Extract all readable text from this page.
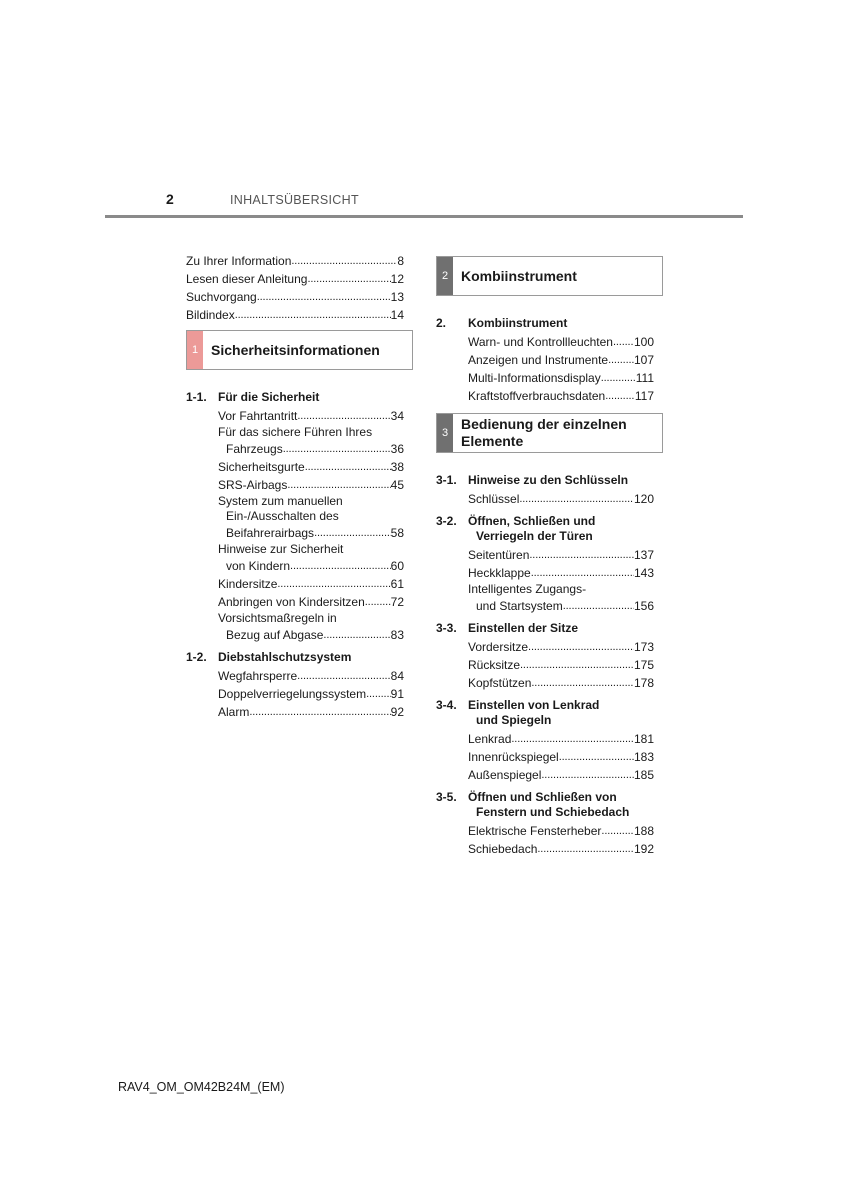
2	INHALTSÜBERSICHT
Zu Ihrer Information . . .	8
Lesen dieser Anleitung . . .	12
Suchvorgang . . .	13
Bildindex . . .	14
1 Sicherheitsinformationen
1-1. Für die Sicherheit
Vor Fahrtantritt . . .	34
Für das sichere Führen Ihres
Fahrzeugs . . .	36
Sicherheitsgurte . . .	38
SRS-Airbags . . .	45
System zum manuellen
Ein-/Ausschalten des
Beifahrerairbags . . .	58
Hinweise zur Sicherheit
von Kindern . . .	60
Kindersitze . . .	61
Anbringen von Kindersitzen . . . 72
Vorsichtsmaßregeln in
Bezug auf Abgase . . .	83
1-2. Diebstahlschutzsystem
Wegfahrsperre . . .	84
Doppelverriegelungssystem . . . 91
Alarm . . .	92
2 Kombiinstrument
2.	Kombiinstrument
Warn- und Kontrollleuchten . . . 100
Anzeigen und Instrumente . . . 107
Multi-Informationsdisplay . . .	111
Kraftstoffverbrauchsdaten . . . 117
3
Bedienung der einzelnen
Elemente
3-1. Hinweise zu den Schlüsseln
Schlüssel . . .	120
3-2. Öffnen, Schließen und
Verriegeln der Türen
Seitentüren . . .	137
Heckklappe . . .	143
Intelligentes Zugangs-
und Startsystem . . .	156
3-3. Einstellen der Sitze
Vordersitze . . .	173
Rücksitze . . .	175
Kopfstützen . . .	178
3-4. Einstellen von Lenkrad
und Spiegeln
Lenkrad . . .	181
Innenrückspiegel . . .	183
Außenspiegel . . .	185
3-5. Öffnen und Schließen von
Fenstern und Schiebedach
Elektrische Fensterheber . . .	188
Schiebedach . . .	192
RAV4_OM_OM42B24M_(EM)
